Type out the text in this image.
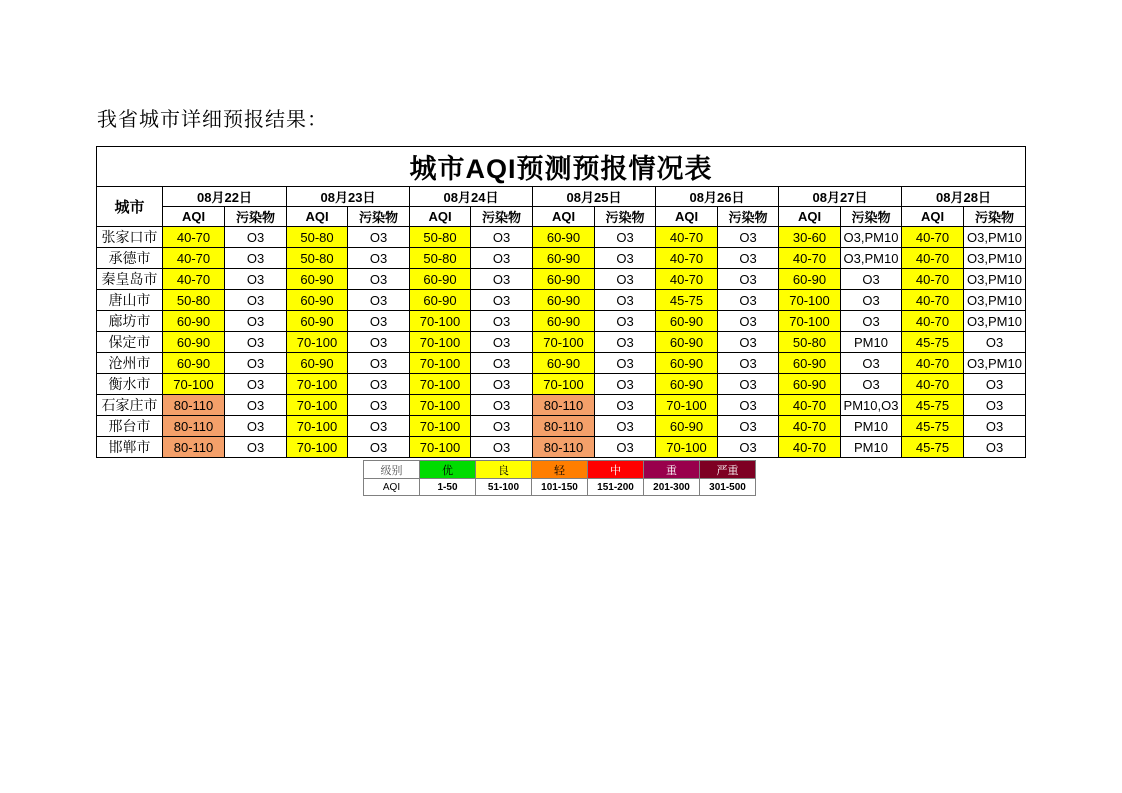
我省城市详细预报结果：
城市AQI预测预报情况表														
城市	08月22日		08月23日		08月24日		08月25日		08月26日		08月27日		08月28日	
	AQI	污染物	AQI	污染物	AQI	污染物	AQI	污染物	AQI	污染物	AQI	污染物	AQI	污染物
张家口市	40-70	O3	50-80	O3	50-80	O3	60-90	O3	40-70	O3	30-60	O3,PM10	40-70	O3,PM10
承德市	40-70	O3	50-80	O3	50-80	O3	60-90	O3	40-70	O3	40-70	O3,PM10	40-70	O3,PM10
秦皇岛市	40-70	O3	60-90	O3	60-90	O3	60-90	O3	40-70	O3	60-90	O3	40-70	O3,PM10
唐山市	50-80	O3	60-90	O3	60-90	O3	60-90	O3	45-75	O3	70-100	O3	40-70	O3,PM10
廊坊市	60-90	O3	60-90	O3	70-100	O3	60-90	O3	60-90	O3	70-100	O3	40-70	O3,PM10
保定市	60-90	O3	70-100	O3	70-100	O3	70-100	O3	60-90	O3	50-80	PM10	45-75	O3
沧州市	60-90	O3	60-90	O3	70-100	O3	60-90	O3	60-90	O3	60-90	O3	40-70	O3,PM10
衡水市	70-100	O3	70-100	O3	70-100	O3	70-100	O3	60-90	O3	60-90	O3	40-70	O3
石家庄市	80-110	O3	70-100	O3	70-100	O3	80-110	O3	70-100	O3	40-70	PM10,O3	45-75	O3
邢台市	80-110	O3	70-100	O3	70-100	O3	80-110	O3	60-90	O3	40-70	PM10	45-75	O3
邯郸市	80-110	O3	70-100	O3	70-100	O3	80-110	O3	70-100	O3	40-70	PM10	45-75	O3
级别	优	良	轻	中	重	严重
AQI	1-50	51-100	101-150	151-200	201-300	301-500
